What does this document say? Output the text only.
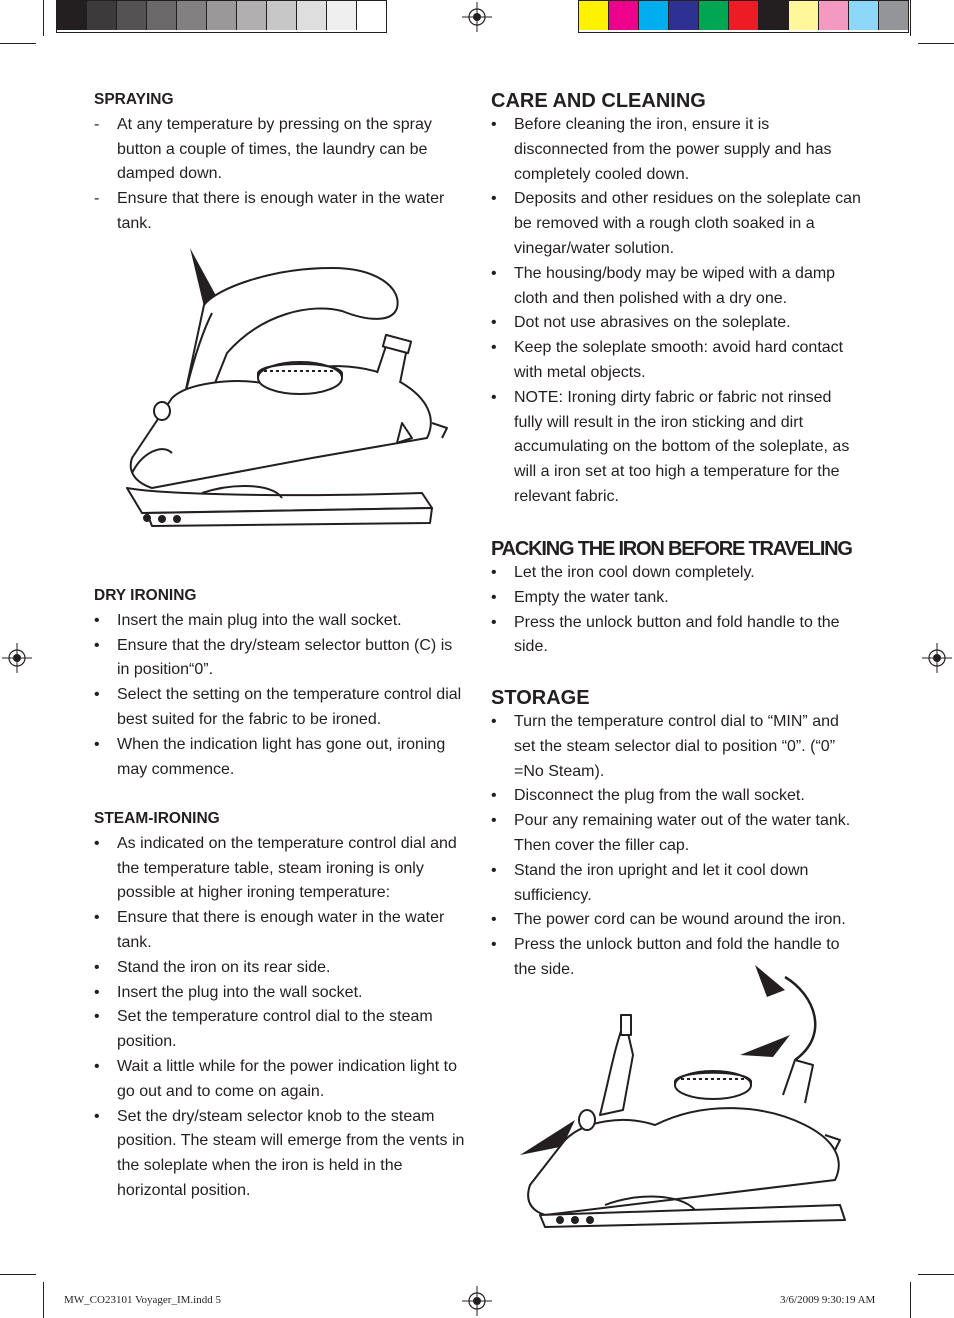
SPRAYING

- At any temperature by pressing on the spray button a couple of times, the laundry can be damped down.
- Ensure that there is enough water in the water tank.

DRY IRONING

• Insert the main plug into the wall socket.
• Ensure that the dry/steam selector button (C) is in position“0”.
• Select the setting on the temperature control dial best suited for the fabric to be ironed.
• When the indication light has gone out, ironing may commence.

STEAM-IRONING

• As indicated on the temperature control dial and the temperature table, steam ironing is only possible at higher ironing temperature:
• Ensure that there is enough water in the water tank.
• Stand the iron on its rear side.
• Insert the plug into the wall socket.
• Set the temperature control dial to the steam position.
• Wait a little while for the power indication light to go out and to come on again.
• Set the dry/steam selector knob to the steam position. The steam will emerge from the vents in the soleplate when the iron is held in the horizontal position.

CARE AND CLEANING

• Before cleaning the iron, ensure it is disconnected from the power supply and has completely cooled down.
• Deposits and other residues on the soleplate can be removed with a rough cloth soaked in a vinegar/water solution.
• The housing/body may be wiped with a damp cloth and then polished with a dry one.
• Dot not use abrasives on the soleplate.
• Keep the soleplate smooth: avoid hard contact with metal objects.
• NOTE: Ironing dirty fabric or fabric not rinsed fully will result in the iron sticking and dirt accumulating on the bottom of the soleplate, as will a iron set at too high a temperature for the relevant fabric.

PACKING THE IRON BEFORE TRAVELING

• Let the iron cool down completely.
• Empty the water tank.
• Press the unlock button and fold handle to the side.

STORAGE

• Turn the temperature control dial to “MIN” and set the steam selector dial to position “0”. (“0” =No Steam).
• Disconnect the plug from the wall socket.
• Pour any remaining water out of the water tank. Then cover the filler cap.
• Stand the iron upright and let it cool down sufficiency.
• The power cord can be wound around the iron.
• Press the unlock button and fold the handle to the side.
MW_CO23101 Voyager_IM.indd 5	3/6/2009 9:30:19 AM
